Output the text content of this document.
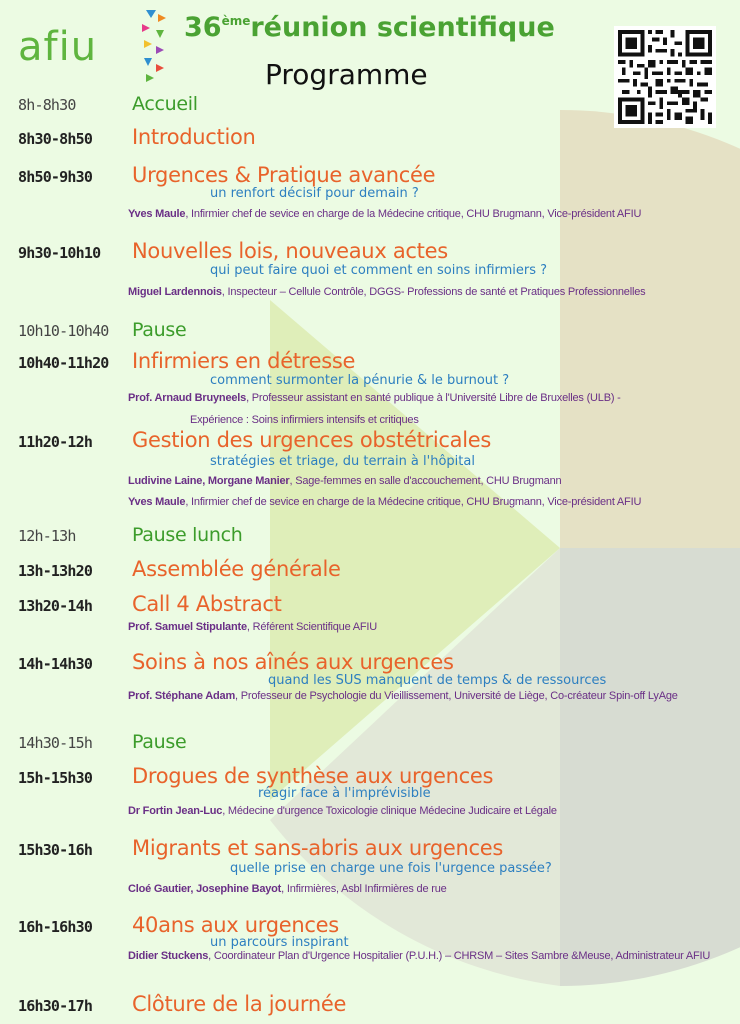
afiu	36èmeréunion scientifique
Programme
8h-8h30	Accueil
8h30-8h50 Introduction
8h50-9h30 Urgences & Pratique avancée
un renfort décisif pour demain ?
Yves Maule, Infirmier chef de sevice en charge de la Médecine critique, CHU Brugmann, Vice-président AFIU
9h30-10h10 Nouvelles lois, nouveaux actes
qui peut faire quoi et comment en soins infirmiers ?
Miguel Lardennois, Inspecteur – Cellule Contrôle, DGGS- Professions de santé et Pratiques Professionnelles
10h10-10h40 Pause
10h40-11h20 Infirmiers en détresse
comment surmonter la pénurie & le burnout ?
Prof. Arnaud Bruyneels, Professeur assistant en santé publique à l'Université Libre de Bruxelles (ULB) -
Expérience : Soins infirmiers intensifs et critiques
11h20-12h Gestion des urgences obstétricales
stratégies et triage, du terrain à l'hôpital
Ludivine Laine, Morgane Manier, Sage-femmes en salle d'accouchement, CHU Brugmann
Yves Maule, Infirmier chef de sevice en charge de la Médecine critique, CHU Brugmann, Vice-président AFIU
12h-13h	Pause lunch
13h-13h20 Assemblée générale
13h20-14h Call 4 Abstract
Prof. Samuel Stipulante, Référent Scientifique AFIU
14h-14h30 Soins à nos aînés aux urgences
quand les SUS manquent de temps & de ressources
Prof. Stéphane Adam, Professeur de Psychologie du Vieillissement, Université de Liège, Co-créateur Spin-off LyAge
14h30-15h Pause
15h-15h30 Drogues de synthèse aux urgences
réagir face à l'imprévisible
Dr Fortin Jean-Luc, Médecine d'urgence Toxicologie clinique Médecine Judicaire et Légale
15h30-16h Migrants et sans-abris aux urgences
quelle prise en charge une fois l'urgence passée?
Cloé Gautier, Josephine Bayot, Infirmières, Asbl Infirmières de rue
16h-16h30 40ans aux urgences
un parcours inspirant
Didier Stuckens, Coordinateur Plan d'Urgence Hospitalier (P.U.H.) – CHRSM – Sites Sambre &Meuse, Administrateur AFIU
16h30-17h Clôture de la journée
